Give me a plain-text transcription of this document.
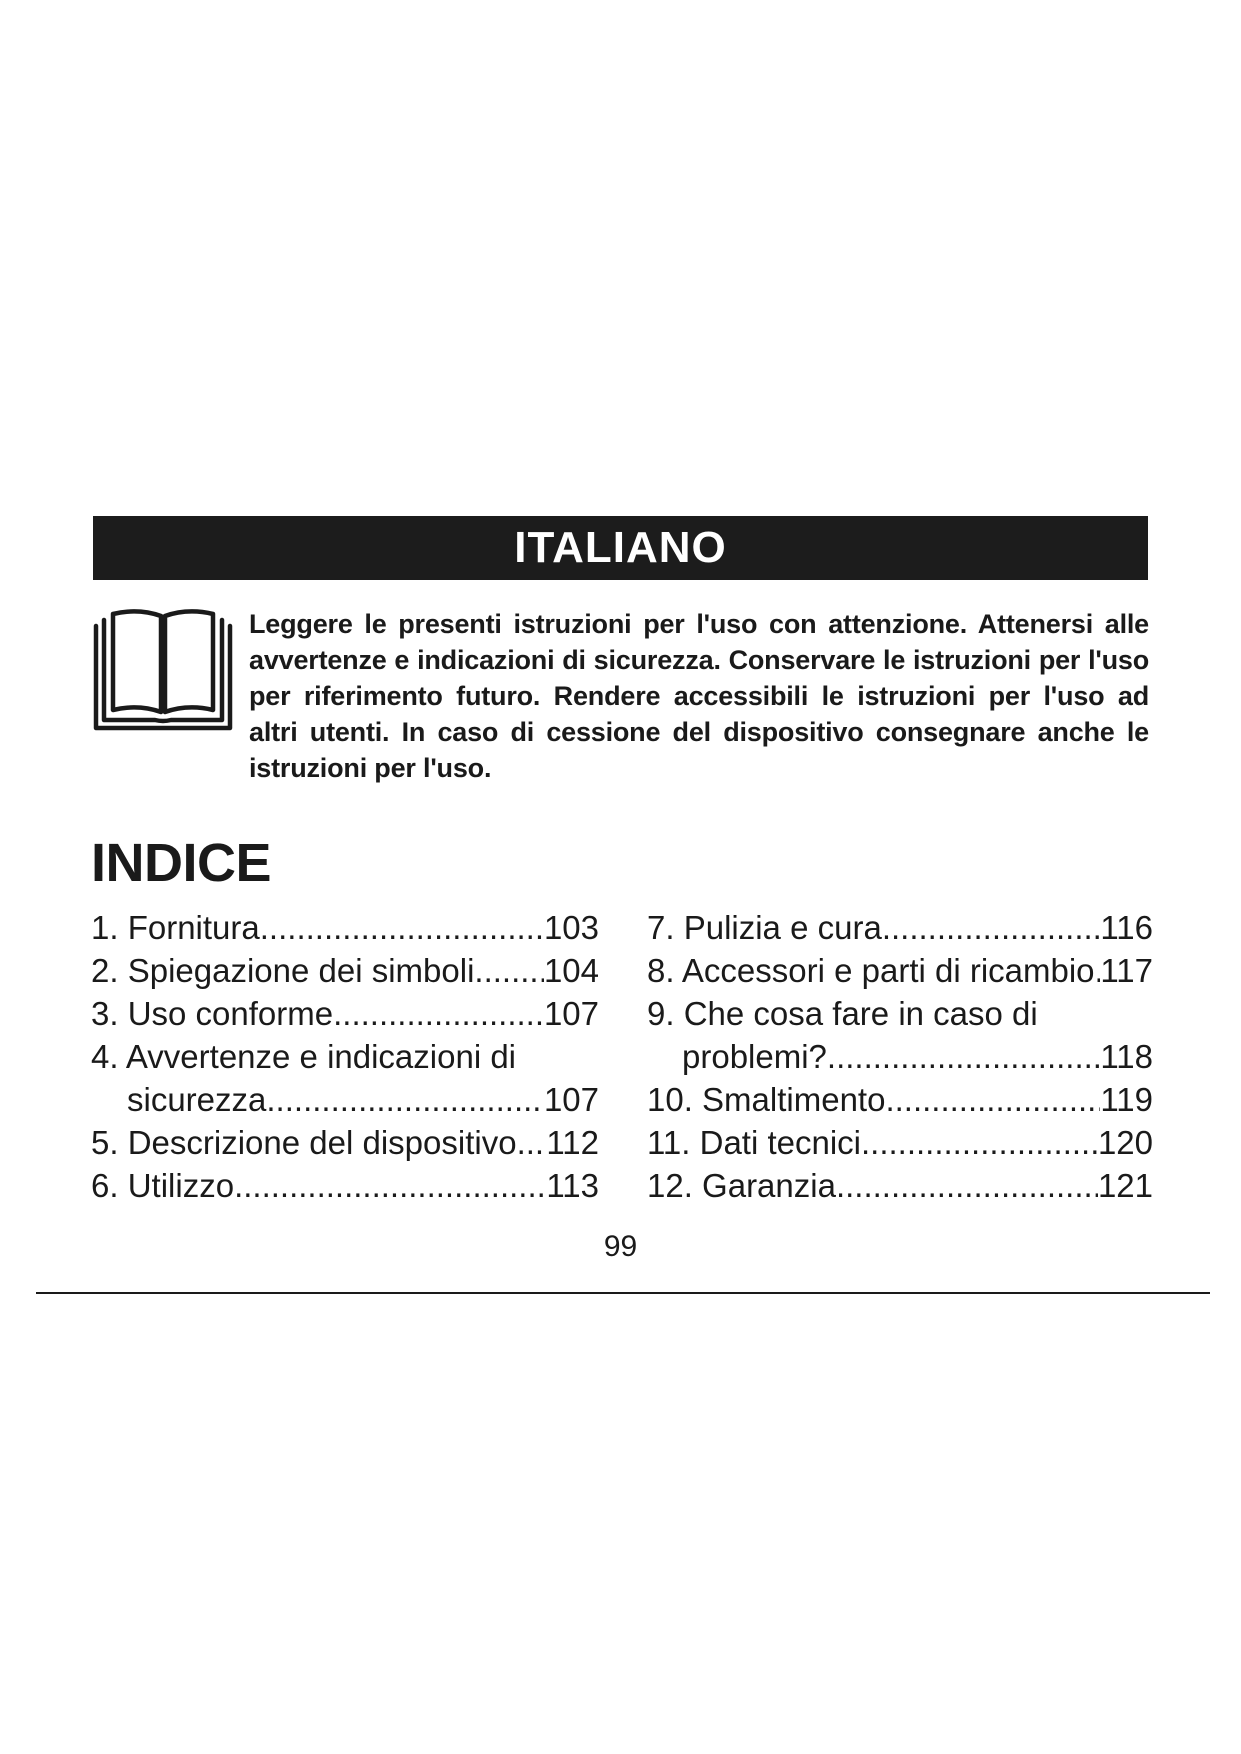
ITALIANO

Leggere le presenti istruzioni per l'uso con attenzione. Attenersi alle avvertenze e indicazioni di sicurezza. Conservare le istruzioni per l'uso per riferimento futuro. Rendere accessibili le istruzioni per l'uso ad altri utenti. In caso di cessione del dispositivo consegnare anche le istruzioni per l'uso.

INDICE
1. Fornitura .....	103
2. Spiegazione dei simboli ..... 104
3. Uso conforme .....	107
4. Avvertenze e indicazioni di
sicurezza .....	107
5. Descrizione del dispositivo ..... 112
6. Utilizzo .....	113
7. Pulizia e cura .....	116
8. Accessori e parti di ricambio ..... 117
9. Che cosa fare in caso di
problemi? .....	118
10. Smaltimento .....	119
11. Dati tecnici .....	120
12. Garanzia .....	121
99
